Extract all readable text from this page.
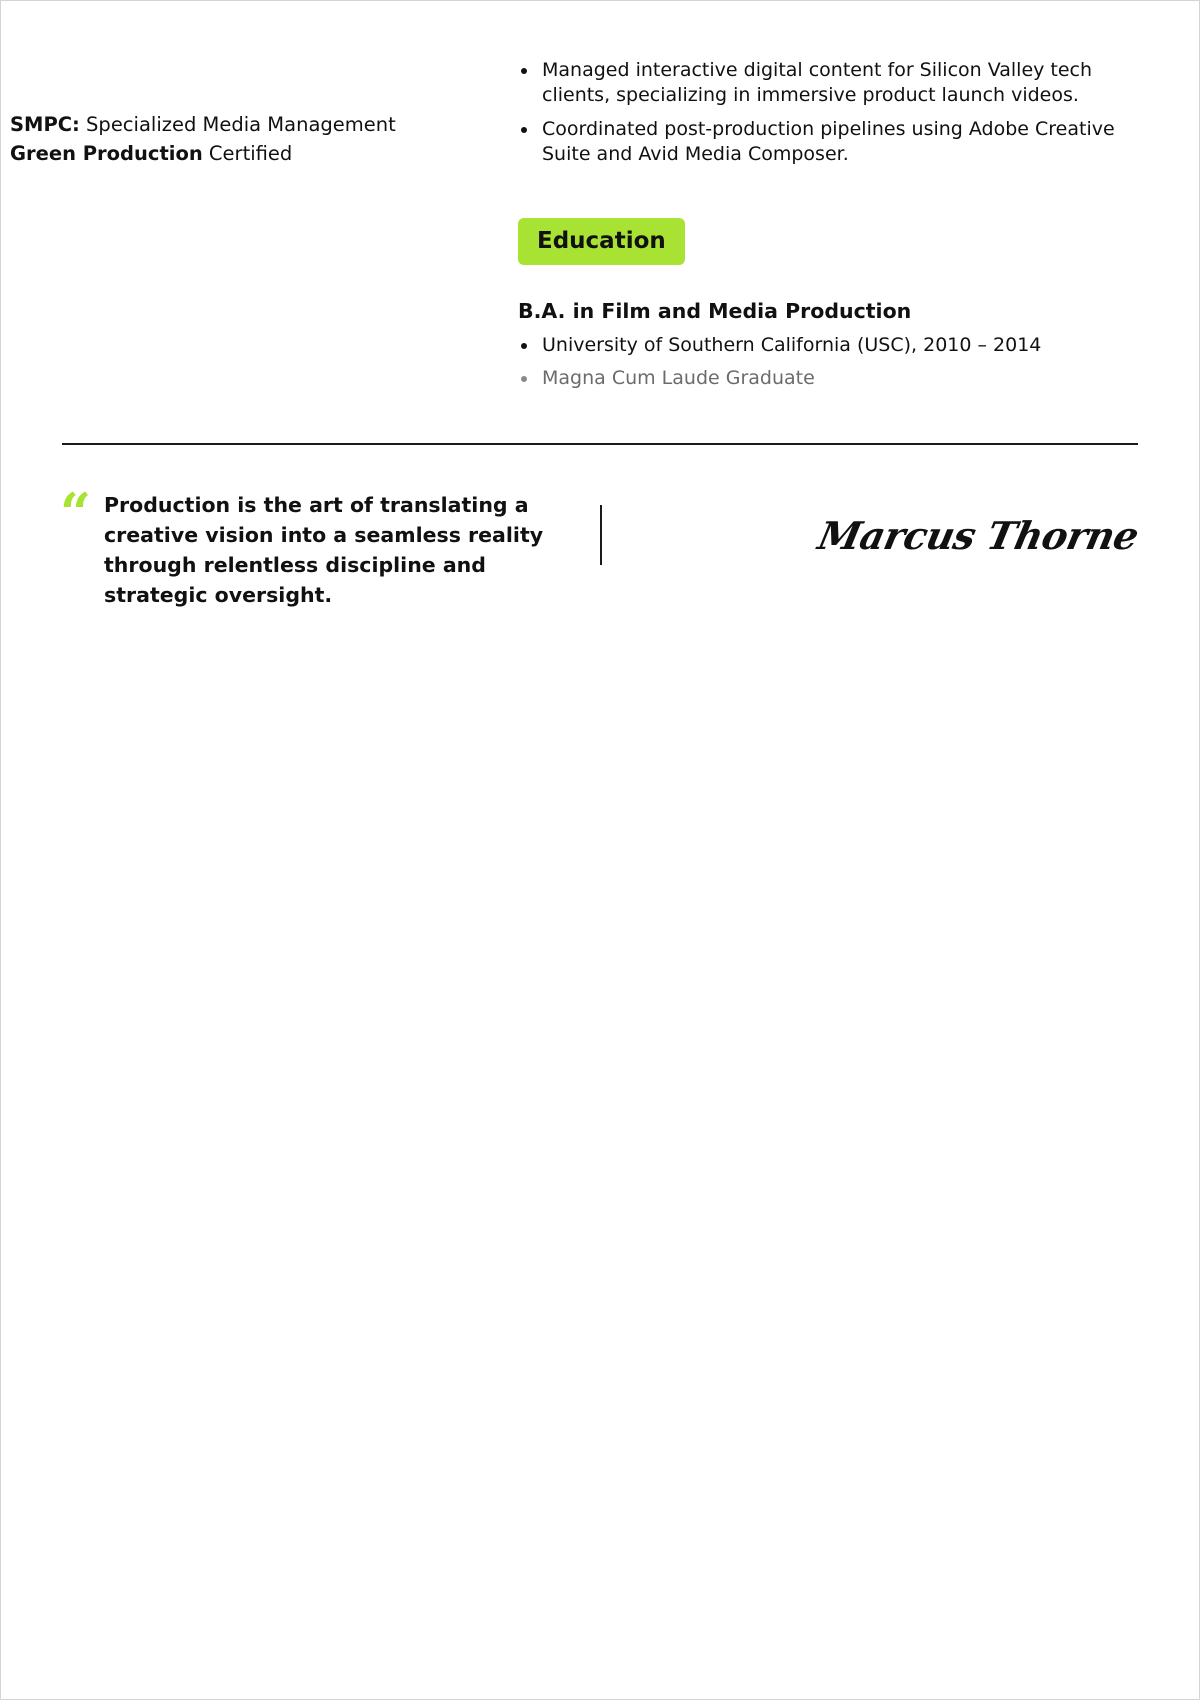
SMPC: Specialized Media Management
Green Production Certified
Managed interactive digital content for Silicon Valley tech clients, specializing in immersive product launch videos.
Coordinated post-production pipelines using Adobe Creative Suite and Avid Media Composer.
Education
B.A. in Film and Media Production
University of Southern California (USC), 2010 – 2014
Magna Cum Laude Graduate
“ Production is the art of translating a creative vision into a seamless reality through relentless discipline and strategic oversight.
Marcus Thorne
